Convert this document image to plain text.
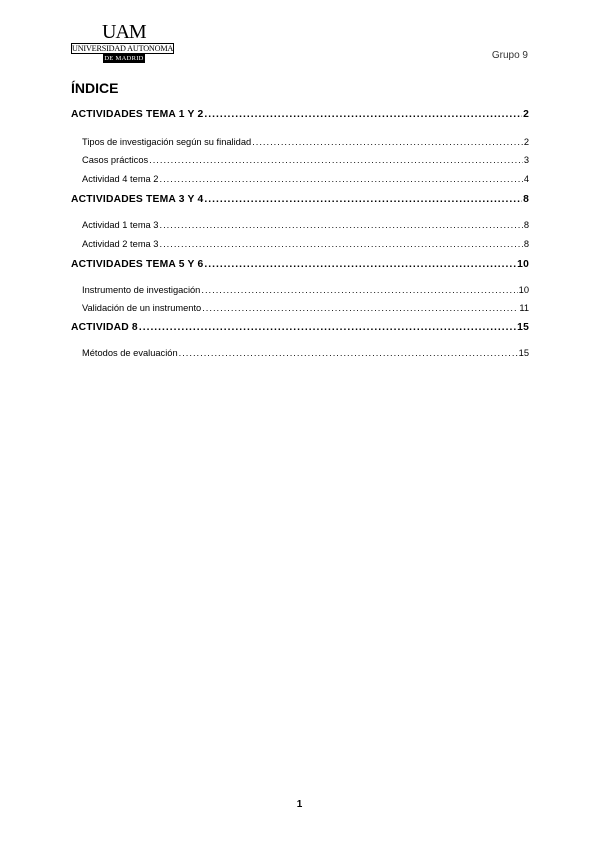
UAM
UNIVERSIDAD AUTONOMA
DE MADRID	Grupo 9
ÍNDICE
ACTIVIDADES TEMA 1 Y 2 .....	2
Tipos de investigación según su finalidad .....	2
Casos prácticos .....	3
Actividad 4 tema 2 .....	4
ACTIVIDADES TEMA 3 Y 4 .....	8
Actividad 1 tema 3 .....	8
Actividad 2 tema 3 .....	8
ACTIVIDADES TEMA 5 Y 6 .....	10
Instrumento de investigación .....	10
Validación de un instrumento .....	11
ACTIVIDAD 8 .....	15
Métodos de evaluación .....	15
1
